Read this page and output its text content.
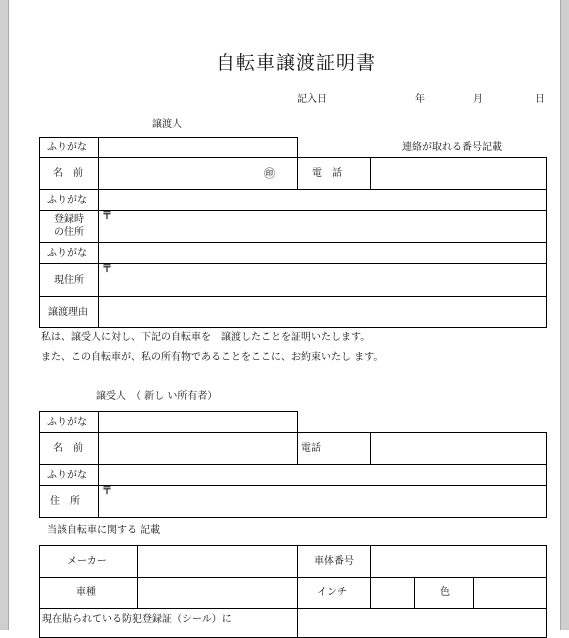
自転車譲渡証明書
記入日	年	月	日
譲渡人
連絡が取れる番号記載
ふりがな
名　前	㊞	電　話
ふりがな
登録時
の住所
〒
ふりがな
現住所
〒
譲渡理由
私は、譲受人に対し、下記の自転車を　譲渡したことを証明いたします。
また、この自転車が、私の所有物であることをここに、お約束いたし ます。
譲受人　（ 新し い所有者）
ふりがな
名　前	電話
ふりがな
住　所
〒
当該自転車に関する 記載
メーカー	車体番号
車種	インチ	色
現在貼られている防犯登録証（シール）に
